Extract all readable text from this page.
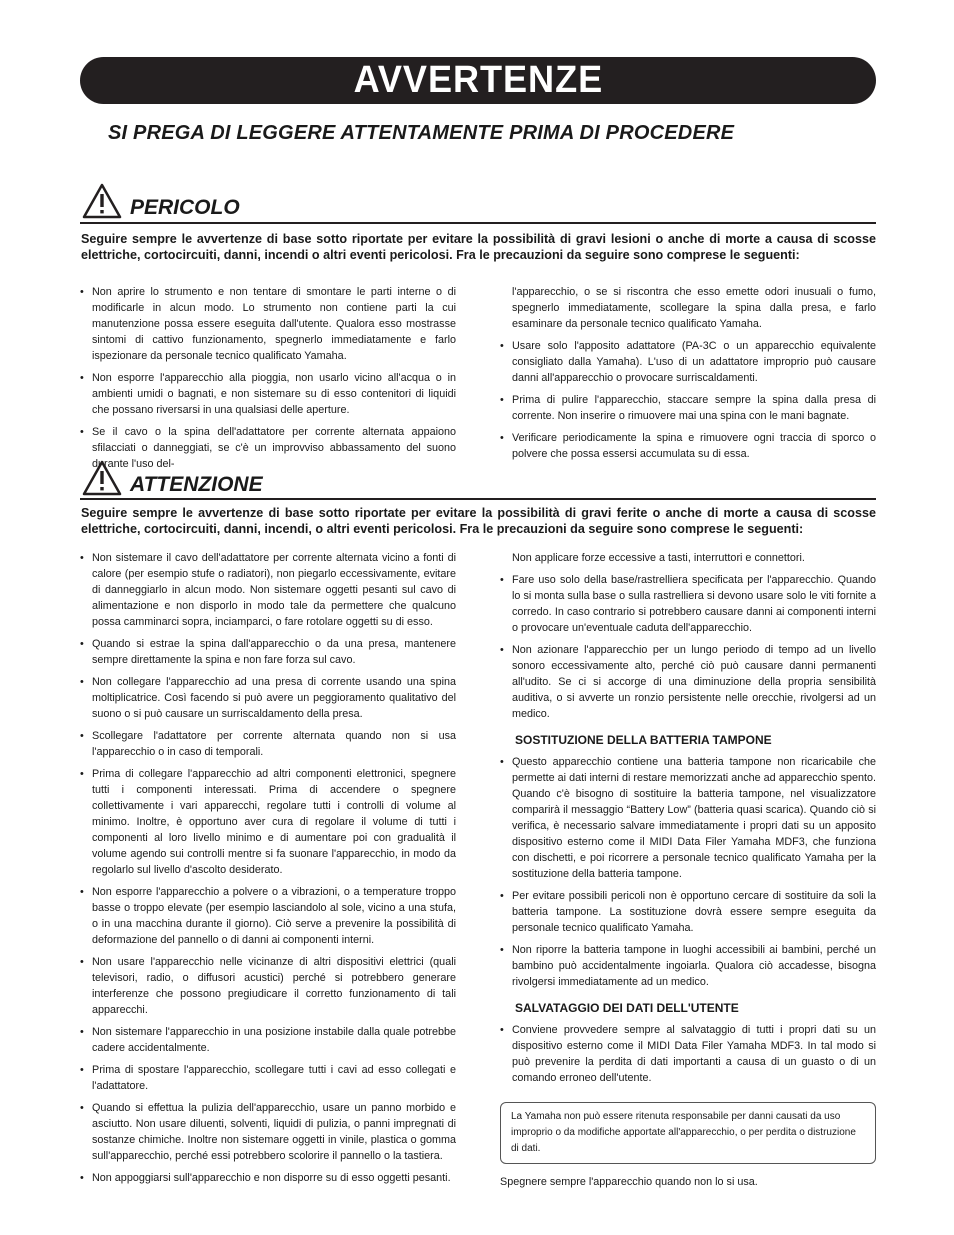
AVVERTENZE
SI PREGA DI LEGGERE ATTENTAMENTE PRIMA DI PROCEDERE
PERICOLO
Seguire sempre le avvertenze di base sotto riportate per evitare la possibilità di gravi lesioni o anche di morte a causa di scosse elettriche, cortocircuiti, danni, incendi o altri eventi pericolosi. Fra le precauzioni da seguire sono comprese le seguenti:
• Non aprire lo strumento e non tentare di smontare le parti interne o di modificarle in alcun modo. Lo strumento non contiene parti la cui manutenzione possa essere eseguita dall'utente. Qualora esso mostrasse sintomi di cattivo funzionamento, spegnerlo immediatamente e farlo ispezionare da personale tecnico qualificato Yamaha.
• Non esporre l'apparecchio alla pioggia, non usarlo vicino all'acqua o in ambienti umidi o bagnati, e non sistemare su di esso contenitori di liquidi che possano riversarsi in una qualsiasi delle aperture.
• Se il cavo o la spina dell'adattatore per corrente alternata appaiono sfilacciati o danneggiati, se c'è un improvviso abbassamento del suono durante l'uso del-

l'apparecchio, o se si riscontra che esso emette odori inusuali o fumo, spegnerlo immediatamente, scollegare la spina dalla presa, e farlo esaminare da personale tecnico qualificato Yamaha.

• Usare solo l'apposito adattatore (PA-3C o un apparecchio equivalente consigliato dalla Yamaha). L'uso di un adattatore improprio può causare danni all'apparecchio o provocare surriscaldamenti.
• Prima di pulire l'apparecchio, staccare sempre la spina dalla presa di corrente. Non inserire o rimuovere mai una spina con le mani bagnate.
• Verificare periodicamente la spina e rimuovere ogni traccia di sporco o polvere che possa essersi accumulata su di essa.
ATTENZIONE
Seguire sempre le avvertenze di base sotto riportate per evitare la possibilità di gravi ferite o anche di morte a causa di scosse elettriche, cortocircuiti, danni, incendi, o altri eventi pericolosi. Fra le precauzioni da seguire sono comprese le seguenti:
• Non sistemare il cavo dell'adattatore per corrente alternata vicino a fonti di calore (per esempio stufe o radiatori), non piegarlo eccessivamente, evitare di danneggiarlo in alcun modo. Non sistemare oggetti pesanti sul cavo di alimentazione e non disporlo in modo tale da permettere che qualcuno possa camminarci sopra, inciamparci, o fare rotolare oggetti su di esso.
• Quando si estrae la spina dall'apparecchio o da una presa, mantenere sempre direttamente la spina e non fare forza sul cavo.
• Non collegare l'apparecchio ad una presa di corrente usando una spina moltiplicatrice. Così facendo si può avere un peggioramento qualitativo del suono o si può causare un surriscaldamento della presa.
• Scollegare l'adattatore per corrente alternata quando non si usa l'apparecchio o in caso di temporali.
• Prima di collegare l'apparecchio ad altri componenti elettronici, spegnere tutti i componenti interessati. Prima di accendere o spegnere collettivamente i vari apparecchi, regolare tutti i controlli di volume al minimo. Inoltre, è opportuno aver cura di regolare il volume di tutti i componenti al loro livello minimo e di aumentare poi con gradualità il volume agendo sui controlli mentre si fa suonare l'apparecchio, in modo da regolarlo sul livello d'ascolto desiderato.
• Non esporre l'apparecchio a polvere o a vibrazioni, o a temperature troppo basse o troppo elevate (per esempio lasciandolo al sole, vicino a una stufa, o in una macchina durante il giorno). Ciò serve a prevenire la possibilità di deformazione del pannello o di danni ai componenti interni.
• Non usare l'apparecchio nelle vicinanze di altri dispositivi elettrici (quali televisori, radio, o diffusori acustici) perché si potrebbero generare interferenze che possono pregiudicare il corretto funzionamento di tali apparecchi.
• Non sistemare l'apparecchio in una posizione instabile dalla quale potrebbe cadere accidentalmente.
• Prima di spostare l'apparecchio, scollegare tutti i cavi ad esso collegati e l'adattatore.
• Quando si effettua la pulizia dell'apparecchio, usare un panno morbido e asciutto. Non usare diluenti, solventi, liquidi di pulizia, o panni impregnati di sostanze chimiche. Inoltre non sistemare oggetti in vinile, plastica o gomma sull'apparecchio, perché essi potrebbero scolorire il pannello o la tastiera.
• Non appoggiarsi sull'apparecchio e non disporre su di esso oggetti pesanti.

Non applicare forze eccessive a tasti, interruttori e connettori.

• Fare uso solo della base/rastrelliera specificata per l'apparecchio. Quando lo si monta sulla base o sulla rastrelliera si devono usare solo le viti fornite a corredo. In caso contrario si potrebbero causare danni ai componenti interni o provocare un'eventuale caduta dell'apparecchio.
• Non azionare l'apparecchio per un lungo periodo di tempo ad un livello sonoro eccessivamente alto, perché ciò può causare danni permanenti all'udito. Se ci si accorge di una diminuzione della propria sensibilità auditiva, o si avverte un ronzio persistente nelle orecchie, rivolgersi ad un medico.
SOSTITUZIONE DELLA BATTERIA TAMPONE
• Questo apparecchio contiene una batteria tampone non ricaricabile che permette ai dati interni di restare memorizzati anche ad apparecchio spento. Quando c'è bisogno di sostituire la batteria tampone, nel visualizzatore comparirà il messaggio “Battery Low” (batteria quasi scarica). Quando ciò si verifica, è necessario salvare immediatamente i propri dati su un apposito dispositivo esterno come il MIDI Data Filer Yamaha MDF3, che funziona con dischetti, e poi ricorrere a personale tecnico qualificato Yamaha per la sostituzione della batteria tampone.
• Per evitare possibili pericoli non è opportuno cercare di sostituire da soli la batteria tampone. La sostituzione dovrà essere sempre eseguita da personale tecnico qualificato Yamaha.
• Non riporre la batteria tampone in luoghi accessibili ai bambini, perché un bambino può accidentalmente ingoiarla. Qualora ciò accadesse, bisogna rivolgersi immediatamente ad un medico.
SALVATAGGIO DEI DATI DELL'UTENTE
• Conviene provvedere sempre al salvataggio di tutti i propri dati su un dispositivo esterno come il MIDI Data Filer Yamaha MDF3. In tal modo si può prevenire la perdita di dati importanti a causa di un guasto o di un comando erroneo dell'utente.
La Yamaha non può essere ritenuta responsabile per danni causati da uso improprio o da modifiche apportate all'apparecchio, o per perdita o distruzione di dati.
Spegnere sempre l'apparecchio quando non lo si usa.
